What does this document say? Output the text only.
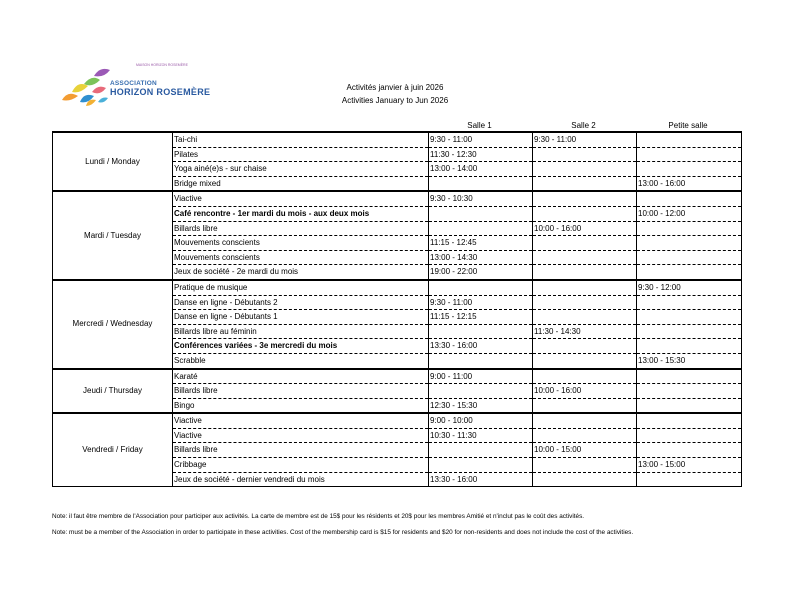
MAISON HORIZON ROSEMÈRE
ASSOCIATION
HORIZON ROSEMÈRE	Activités janvier à juin 2026
Activities January to Jun 2026
Salle 1	Salle 2	Petite salle
Lundi / Monday	Tai-chi	9:30 - 11:00	9:30 - 11:00	
	Pilates	11:30 - 12:30		
	Yoga ainé(e)s - sur chaise	13:00 - 14:00		
	Bridge mixed			13:00 - 16:00
Mardi / Tuesday	Viactive	9:30 - 10:30		
	Café rencontre - 1er mardi du mois - aux deux mois			10:00 - 12:00
	Billards libre		10:00 - 16:00	
	Mouvements conscients	11:15 - 12:45		
	Mouvements conscients	13:00 - 14:30		
	Jeux de société - 2e mardi du mois	19:00 - 22:00		
Mercredi / Wednesday	Pratique de musique			9:30 - 12:00
	Danse en ligne - Débutants 2	9:30 - 11:00		
	Danse en ligne - Débutants 1	11:15 - 12:15		
	Billards libre au féminin		11:30 - 14:30	
	Conférences variées - 3e mercredi du mois	13:30 - 16:00		
	Scrabble			13:00 - 15:30
Jeudi / Thursday	Karaté	9:00 - 11:00		
	Billards libre		10:00 - 16:00	
	Bingo	12:30 - 15:30		
Vendredi / Friday	Viactive	9:00 - 10:00		
	Viactive	10:30 - 11:30		
	Billards libre		10:00 - 15:00	
	Cribbage			13:00 - 15:00
	Jeux de société - dernier vendredi du mois	13:30 - 16:00		
Note: il faut être membre de l'Association pour participer aux activités. La carte de membre est de 15$ pour les résidents et 20$ pour les membres Amitié et n'inclut pas le coût des activités.
Note: must be a member of the Association in order to participate in these activities. Cost of the membership card is $15 for residents and $20 for non-residents and does not include the cost of the activities.
